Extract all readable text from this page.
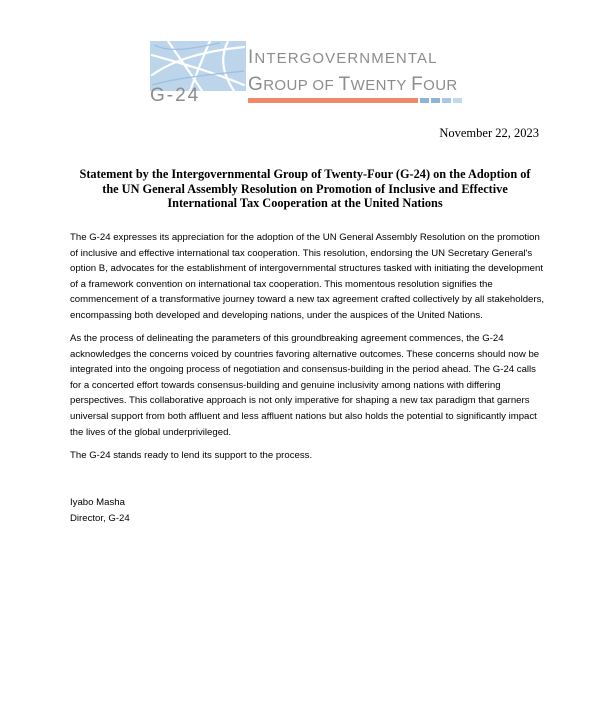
INTERGOVERNMENTAL
GROUP OF TWENTY FOUR
G-24
November 22, 2023
Statement by the Intergovernmental Group of Twenty-Four (G-24) on the Adoption of the UN General Assembly Resolution on Promotion of Inclusive and Effective International Tax Cooperation at the United Nations

The G-24 expresses its appreciation for the adoption of the UN General Assembly Resolution on the promotion of inclusive and effective international tax cooperation. This resolution, endorsing the UN Secretary General's option B, advocates for the establishment of intergovernmental structures tasked with initiating the development of a framework convention on international tax cooperation. This momentous resolution signifies the commencement of a transformative journey toward a new tax agreement crafted collectively by all stakeholders, encompassing both developed and developing nations, under the auspices of the United Nations.

As the process of delineating the parameters of this groundbreaking agreement commences, the G-24 acknowledges the concerns voiced by countries favoring alternative outcomes. These concerns should now be integrated into the ongoing process of negotiation and consensus-building in the period ahead. The G-24 calls for a concerted effort towards consensus-building and genuine inclusivity among nations with differing perspectives. This collaborative approach is not only imperative for shaping a new tax paradigm that garners universal support from both affluent and less affluent nations but also holds the potential to significantly impact the lives of the global underprivileged.

The G-24 stands ready to lend its support to the process.

Iyabo Masha
Director, G-24
